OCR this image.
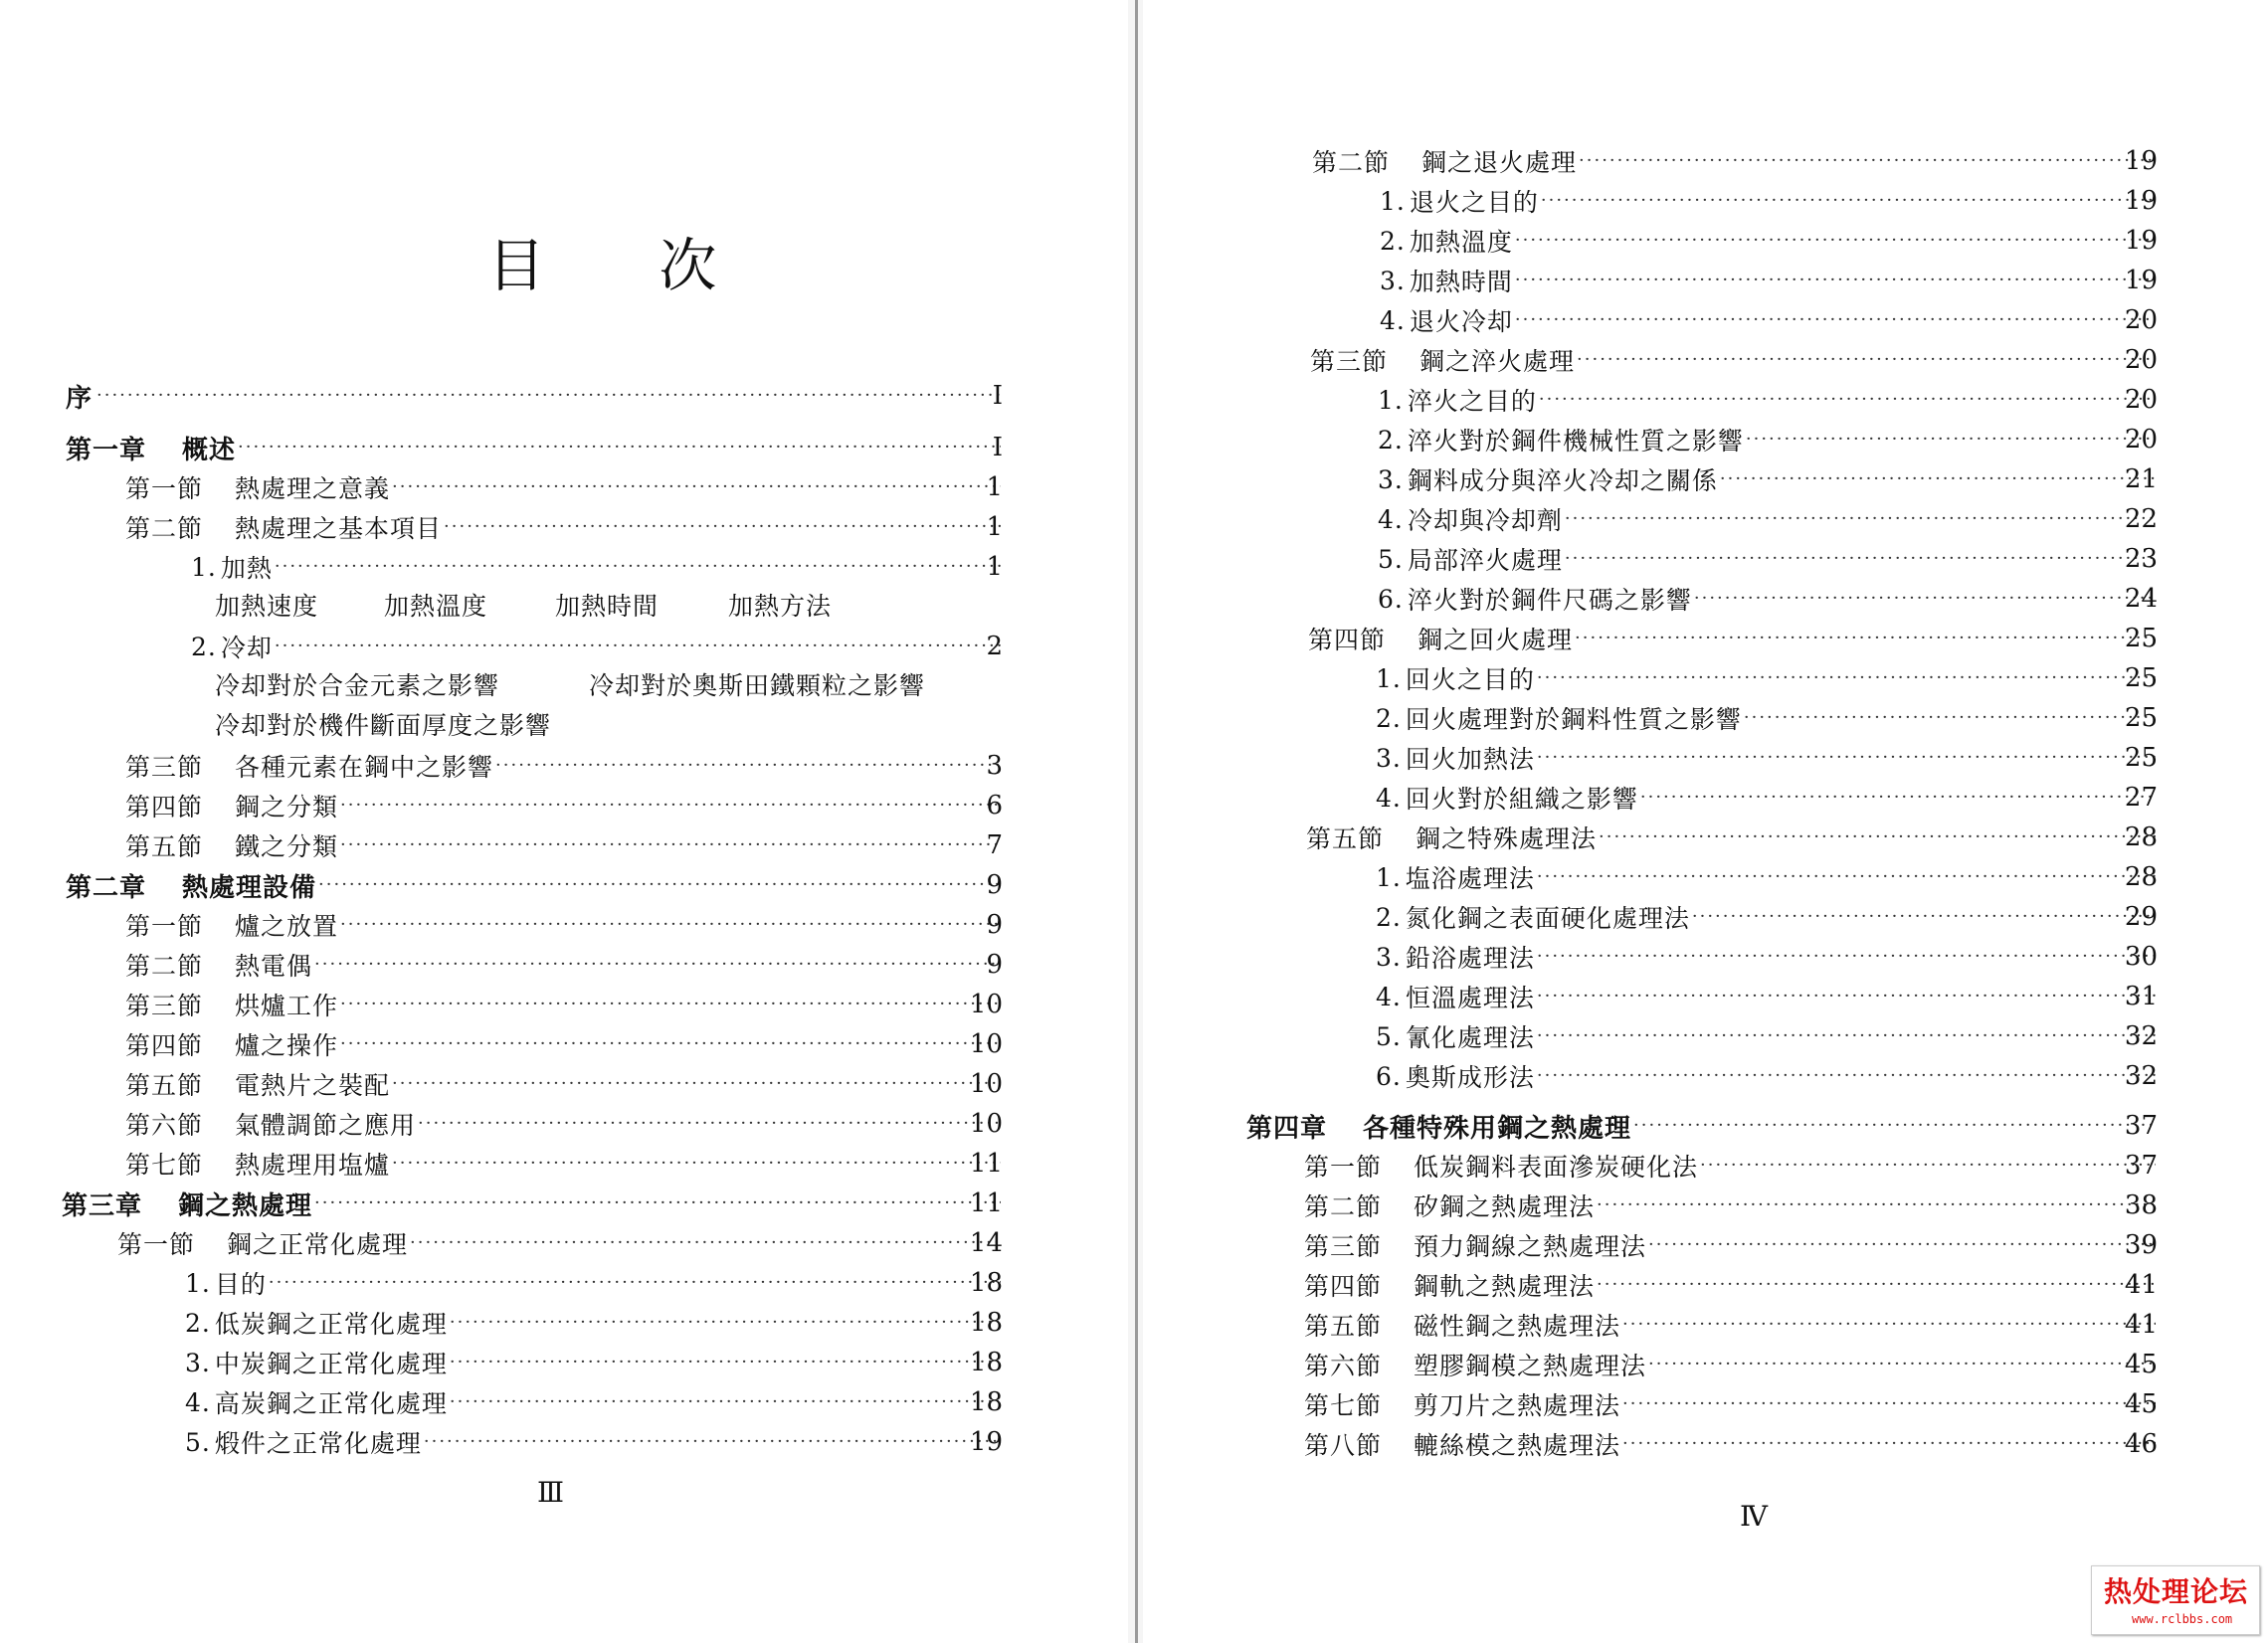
目 次
序 ·····	Ⅰ
第一章	概述 ·····	Ⅰ
第一節	熱處理之意義 ·····	1
第二節	熱處理之基本項目 ·····	1
1. 加熱 ·····	1
加熱速度	加熱溫度	加熱時間	加熱方法
2. 冷却 ·····	2
冷却對於合金元素之影響	冷却對於奧斯田鐵顆粒之影響
冷却對於機件斷面厚度之影響
第三節	各種元素在鋼中之影響 ·····	3
第四節	鋼之分類 ·····	6
第五節	鐵之分類 ·····	7
第二章	熱處理設備 ·····	9
第一節	爐之放置 ·····	9
第二節	熱電偶 ·····	9
第三節	烘爐工作 ·····	10
第四節	爐之操作 ·····	10
第五節	電熱片之裝配 ·····	10
第六節	氣體調節之應用 ·····	10
第七節	熱處理用塩爐 ·····	11
第三章	鋼之熱處理 ·····	11
第一節	鋼之正常化處理 ·····	14
1. 目的 ·····	18
2. 低炭鋼之正常化處理 ·····	18
3. 中炭鋼之正常化處理 ·····	18
4. 高炭鋼之正常化處理 ·····	18
5. 煅件之正常化處理 ·····	19
Ⅲ
第二節	鋼之退火處理 ·····	19
1. 退火之目的 ·····	19
2. 加熱溫度 ·····	19
3. 加熱時間 ·····	19
4. 退火冷却 ·····	20
第三節	鋼之淬火處理 ·····	20
1. 淬火之目的 ·····	20
2. 淬火對於鋼件機械性質之影響 ·····	20
3. 鋼料成分與淬火冷却之關係 ·····	21
4. 冷却與冷却劑 ·····	22
5. 局部淬火處理 ·····	23
6. 淬火對於鋼件尺碼之影響 ·····	24
第四節	鋼之回火處理 ·····	25
1. 回火之目的 ·····	25
2. 回火處理對於鋼料性質之影響 ·····	25
3. 回火加熱法 ·····	25
4. 回火對於組織之影響 ·····	27
第五節	鋼之特殊處理法 ·····	28
1. 塩浴處理法 ·····	28
2. 氮化鋼之表面硬化處理法 ·····	29
3. 鉛浴處理法 ·····	30
4. 恒溫處理法 ·····	31
5. 氰化處理法 ·····	32
6. 奧斯成形法 ·····	32
第四章	各種特殊用鋼之熱處理 ·····	37
第一節	低炭鋼料表面滲炭硬化法 ·····	37
第二節	矽鋼之熱處理法 ·····	38
第三節	預力鋼線之熱處理法 ·····	39
第四節	鋼軌之熱處理法 ·····	41
第五節	磁性鋼之熱處理法 ·····	41
第六節	塑膠鋼模之熱處理法 ·····	45
第七節	剪刀片之熱處理法 ·····	45
第八節	轆絲模之熱處理法 ·····	46
Ⅳ
热处理论坛
www.rclbbs.com
